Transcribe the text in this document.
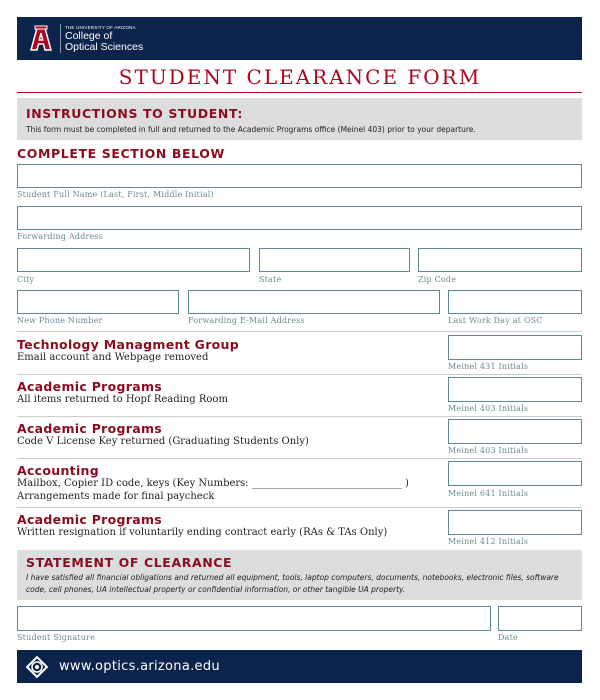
THE UNIVERSITY OF ARIZONA
College of
Optical Sciences
STUDENT CLEARANCE FORM
INSTRUCTIONS TO STUDENT:
This form must be completed in full and returned to the Academic Programs office (Meinel 403) prior to your departure.
COMPLETE SECTION BELOW
Student Full Name (Last, First, Middle Initial)
Forwarding Address
City	State	Zip Code
New Phone Number	Forwarding E-Mail Address	Last Work Day at OSC
Technology Managment Group
Email account and Webpage removed
Meinel 431 Initials
Academic Programs
All items returned to Hopf Reading Room
Meinel 403 Initials
Academic Programs
Code V License Key returned (Graduating Students Only)
Meinel 403 Initials
Accounting
Mailbox, Copier ID code, keys (Key Numbers: ______________________________ )
Arrangements made for final paycheck	Meinel 641 Initials
Academic Programs
Written resignation if voluntarily ending contract early (RAs & TAs Only)
Meinel 412 Initials
STATEMENT OF CLEARANCE
I have satisfied all financial obligations and returned all equipment, tools, laptop computers, documents, notebooks, electronic files, software code, cell phones, UA intellectual property or confidential information, or other tangible UA property.
Student Signature	Date
www.optics.arizona.edu
